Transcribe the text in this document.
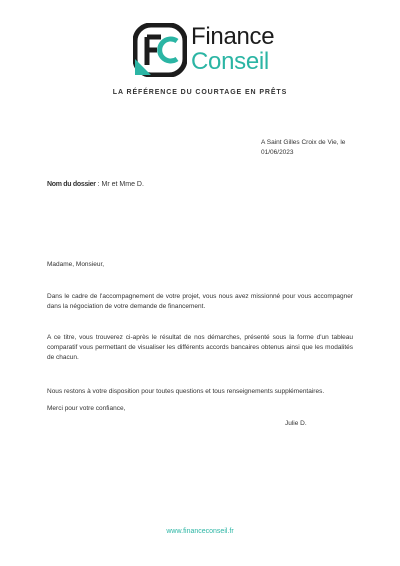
Finance
Conseil
LA RÉFÉRENCE DU COURTAGE EN PRÊTS
A Saint Gilles Croix de Vie, le 01/06/2023
Nom du dossier : Mr et Mme D.
Madame, Monsieur,
Dans le cadre de l'accompagnement de votre projet, vous nous avez missionné pour vous accompagner dans la négociation de votre demande de financement.
A ce titre, vous trouverez ci-après le résultat de nos démarches, présenté sous la forme d'un tableau comparatif vous permettant de visualiser les différents accords bancaires obtenus ainsi que les modalités de chacun.
Nous restons à votre disposition pour toutes questions et tous renseignements supplémentaires.
Merci pour votre confiance,
Julie D.
www.financeconseil.fr
